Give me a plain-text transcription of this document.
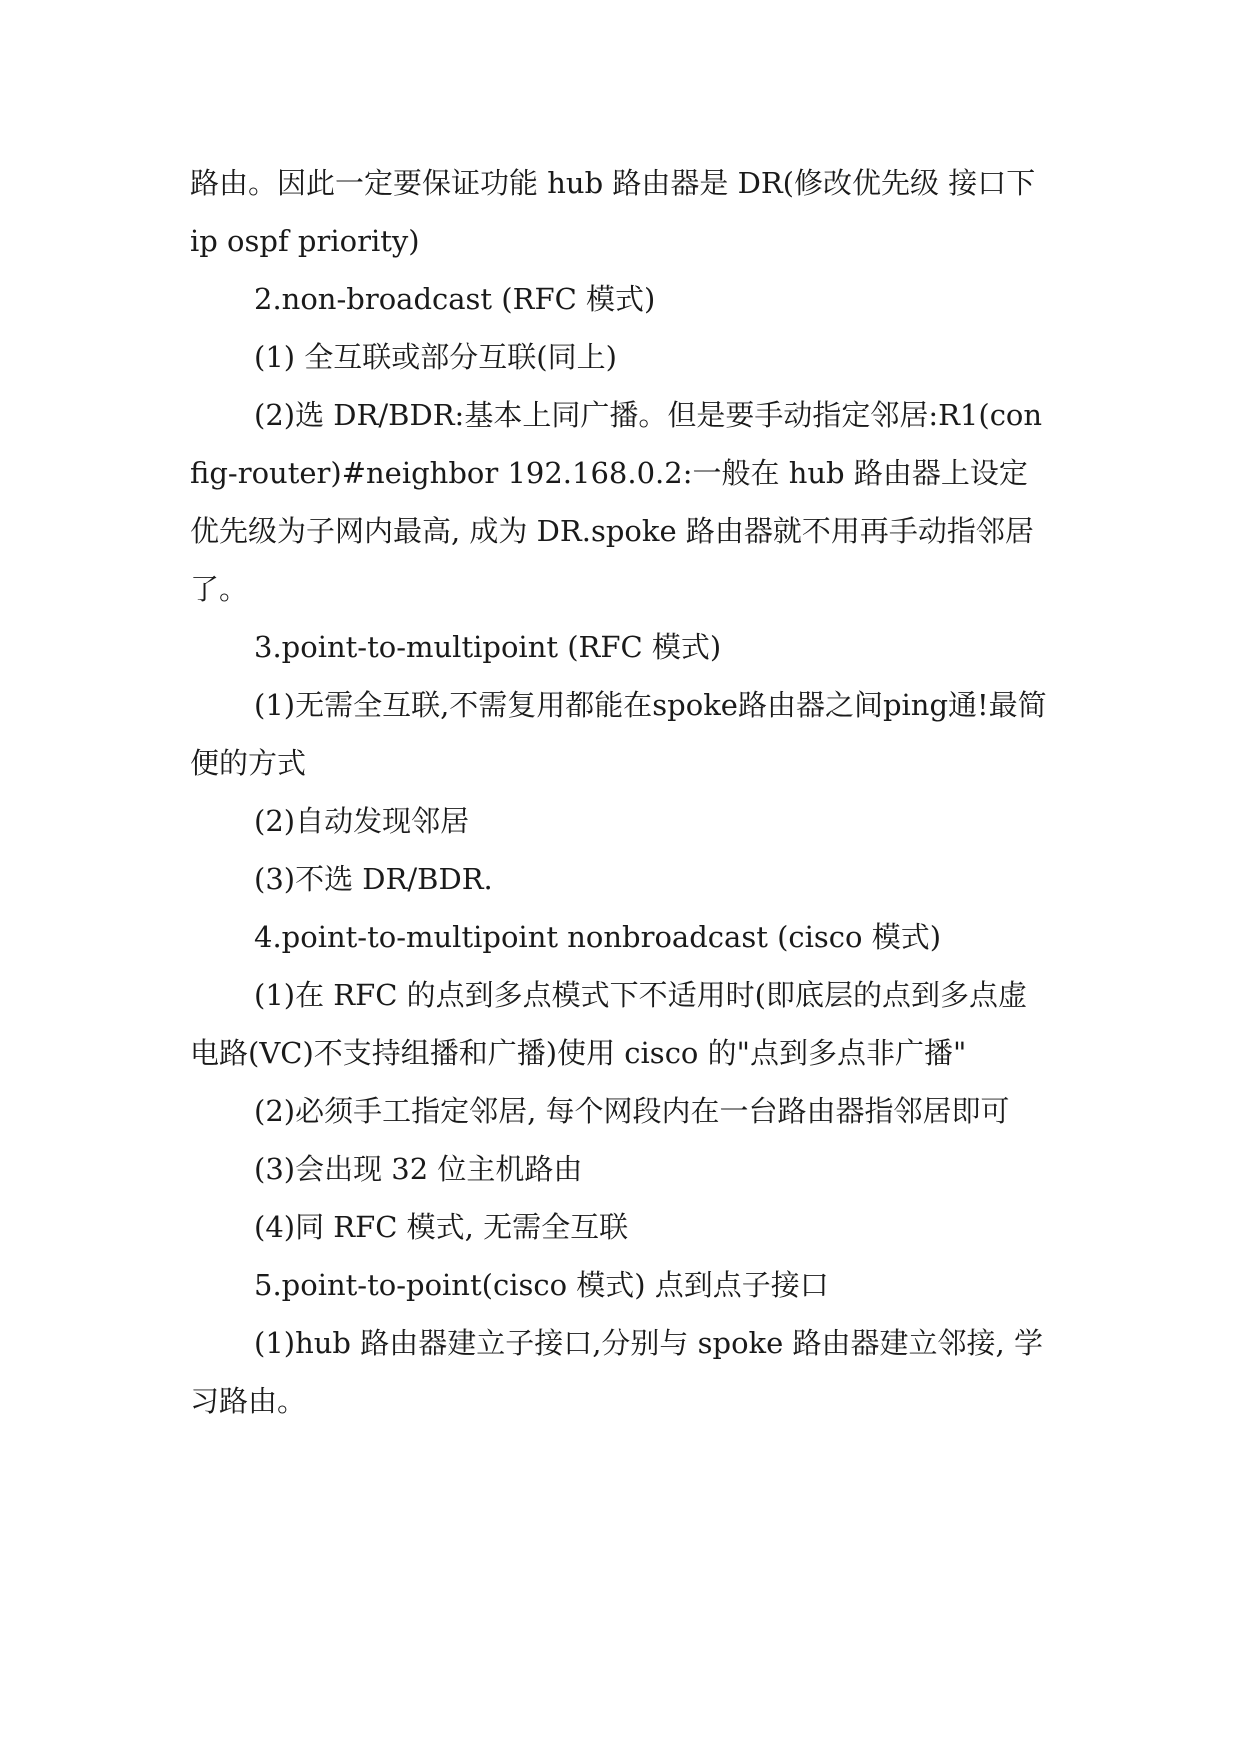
路由。因此一定要保证功能 hub 路由器是 DR(修改优先级 接口下 ip ospf priority)

2.non-broadcast (RFC 模式)

(1) 全互联或部分互联(同上)

(2)选 DR/BDR:基本上同广播。但是要手动指定邻居:R1(config-router)#neighbor 192.168.0.2:一般在 hub 路由器上设定优先级为子网内最高, 成为 DR.spoke 路由器就不用再手动指邻居了。

3.point-to-multipoint (RFC 模式)

(1)无需全互联,不需复用都能在spoke路由器之间ping通!最简便的方式

(2)自动发现邻居

(3)不选 DR/BDR.

4.point-to-multipoint nonbroadcast (cisco 模式)

(1)在 RFC 的点到多点模式下不适用时(即底层的点到多点虚电路(VC)不支持组播和广播)使用 cisco 的"点到多点非广播"

(2)必须手工指定邻居, 每个网段内在一台路由器指邻居即可

(3)会出现 32 位主机路由

(4)同 RFC 模式, 无需全互联

5.point-to-point(cisco 模式) 点到点子接口

(1)hub 路由器建立子接口,分别与 spoke 路由器建立邻接, 学习路由。
